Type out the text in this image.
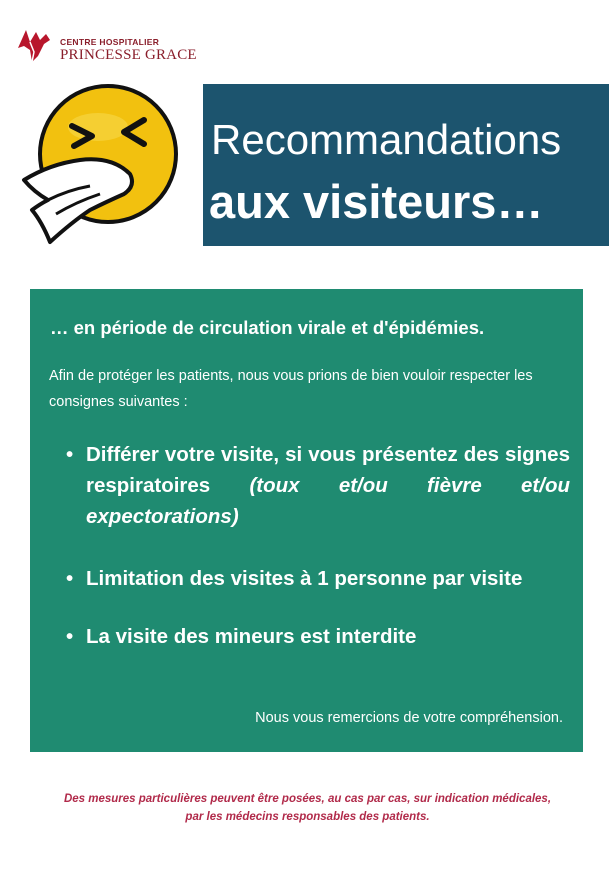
CENTRE HOSPITALIER
PRINCESSE GRACE
Recommandations
aux visiteurs…
… en période de circulation virale et d'épidémies.
Afin de protéger les patients, nous vous prions de bien vouloir respecter les consignes suivantes :
• Différer votre visite, si vous présentez des signes respiratoires (toux et/ou fièvre et/ou expectorations)
• Limitation des visites à 1 personne par visite
• La visite des mineurs est interdite
Nous vous remercions de votre compréhension.
Des mesures particulières peuvent être posées, au cas par cas, sur indication médicales,
par les médecins responsables des patients.
